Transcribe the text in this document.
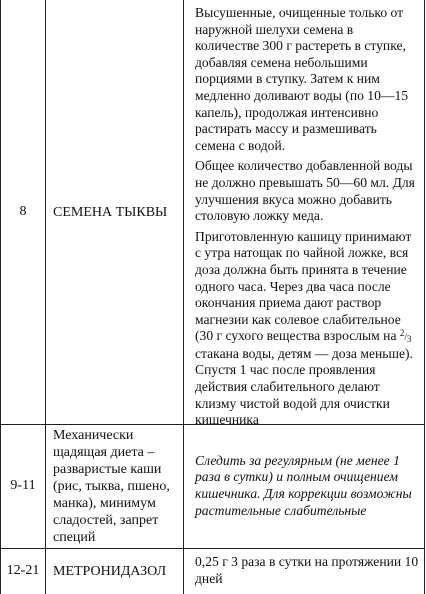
8	СЕМЕНА ТЫКВЫ

Высушенные, очищенные только от наружной шелухи семена в количестве 300 г растереть в ступке, добавляя семена небольшими порциями в ступку. Затем к ним медленно доливают воды (по 10—15 капель), продолжая интенсивно растирать массу и размешивать семена с водой.

Общее количество добавленной воды не должно превышать 50—60 мл. Для улучшения вкуса можно добавить столовую ложку меда.

Приготовленную кашицу принимают с утра натощак по чайной ложке, вся доза должна быть принята в течение одного часа. Через два часа после окончания приема дают раствор магнезии как солевое слабительное (30 г сухого вещества взрослым на 2/3 стакана воды, детям — доза меньше). Спустя 1 час после проявления действия слабительного делают клизму чистой водой для очистки кишечника

9-11
Механически щадящая диета – разваристые каши (рис, тыква, пшено, манка), минимум сладостей, запрет специй
Следить за регулярным (не менее 1 раза в сутки) и полным очищением кишечника. Для коррекции возможны растительные слабительные
12-21 МЕТРОНИДАЗОЛ
0,25 г 3 раза в сутки на протяжении 10 дней
